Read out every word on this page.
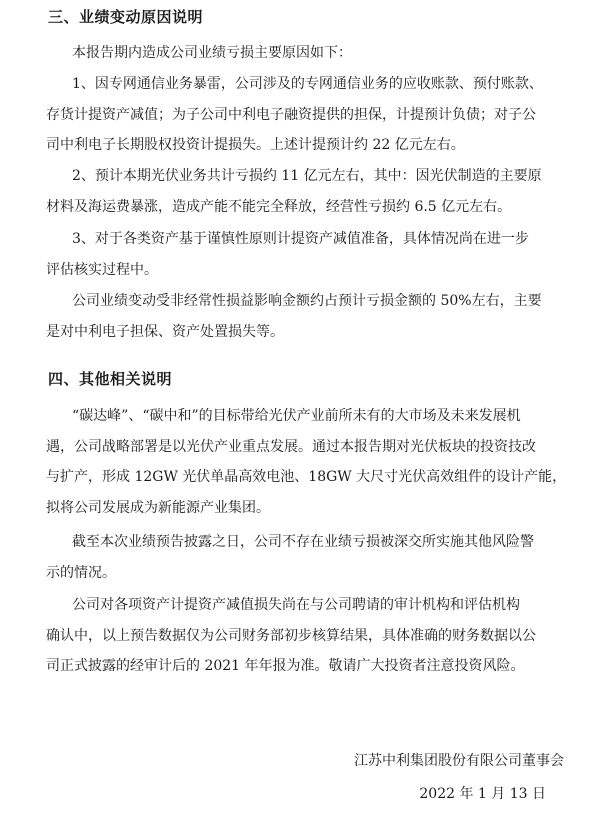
三、业绩变动原因说明
本报告期内造成公司业绩亏损主要原因如下：
1、因专网通信业务暴雷，公司涉及的专网通信业务的应收账款、预付账款、
存货计提资产减值；为子公司中利电子融资提供的担保，计提预计负债；对子公
司中利电子长期股权投资计提损失。上述计提预计约 22 亿元左右。
2、预计本期光伏业务共计亏损约 11 亿元左右，其中：因光伏制造的主要原
材料及海运费暴涨，造成产能不能完全释放，经营性亏损约 6.5 亿元左右。
3、对于各类资产基于谨慎性原则计提资产减值准备，具体情况尚在进一步
评估核实过程中。
公司业绩变动受非经常性损益影响金额约占预计亏损金额的 50%左右，主要
是对中利电子担保、资产处置损失等。
四、其他相关说明
“碳达峰”、“碳中和”的目标带给光伏产业前所未有的大市场及未来发展机
遇，公司战略部署是以光伏产业重点发展。通过本报告期对光伏板块的投资技改
与扩产，形成 12GW 光伏单晶高效电池、18GW 大尺寸光伏高效组件的设计产能，
拟将公司发展成为新能源产业集团。
截至本次业绩预告披露之日，公司不存在业绩亏损被深交所实施其他风险警
示的情况。
公司对各项资产计提资产减值损失尚在与公司聘请的审计机构和评估机构
确认中，以上预告数据仅为公司财务部初步核算结果，具体准确的财务数据以公
司正式披露的经审计后的 2021 年年报为准。敬请广大投资者注意投资风险。
江苏中利集团股份有限公司董事会
2022 年 1 月 13 日
